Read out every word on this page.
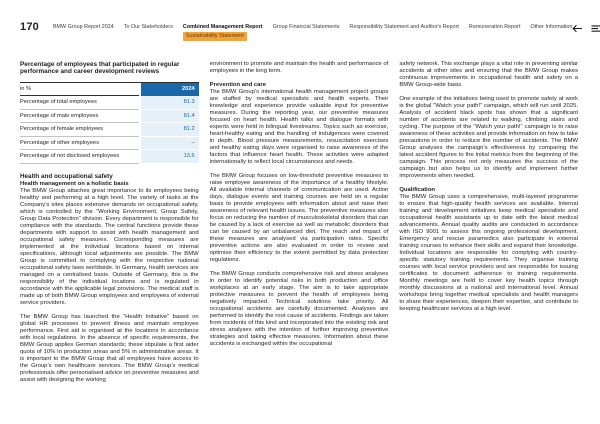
170	BMW Group Report 2024 To Our Stakeholders Combined Management Report
Sustainability Statement
Group Financial Statements Responsibility Statement and Auditor's Report Remuneration Report Other Information
Percentage of employees that participated in regular performance and career development reviews
in %	2024
Percentage of total employees	81.3
Percentage of male employees	81.4
Percentage of female employees	81.2
Percentage of other employees	–
Percentage of not disclosed employees	13.6
Health and occupational safety
Health management on a holistic basis

The BMW Group attaches great importance to its employees being healthy and performing at a high level. The variety of tasks at the Company’s sites places extensive demands on occupational safety, which is controlled by the “Working Environment, Group Safety, Group Data Protection” division. Every department is responsible for compliance with the standards. The central functions provide these departments with support to assist with health management and occupational safety measures. Corresponding measures are implemented at the individual locations based on internal specifications, although local adjustments are possible. The BMW Group is committed to complying with the respective national occupational safety laws worldwide. In Germany, health services are managed on a centralised basis. Outside of Germany, this is the responsibility of the individual locations and is regulated in accordance with the applicable legal provisions. The medical staff is made up of both BMW Group employees and employees of external service providers.

The BMW Group has launched the “Health Initiative” based on global HR processes to prevent illness and maintain employee performance. First aid is organised at the locations in accordance with local regulations. In the absence of specific requirements, the BMW Group applies German standards; these stipulate a first aider quota of 10% in production areas and 5% in administrative areas. It is important to the BMW Group that all employees have access to the Group’s own healthcare services. The BMW Group’s medical professionals offer personalised advice on preventive measures and assist with designing the working

environment to promote and maintain the health and performance of employees in the long term.

Prevention and care

The BMW Group’s international health management project groups are staffed by medical specialists and health experts. Their knowledge and experience provide valuable input for preventive measures. During the reporting year, our preventive measures focused on heart health. Health talks and dialogue formats with experts were held in bilingual livestreams. Topics such as exercise, heart-healthy eating and the handling of indulgences were covered in depth. Blood pressure measurements, resuscitation exercises and healthy eating days were organised to raise awareness of the factors that influence heart health. These activities were adapted internationally to reflect local circumstances and needs.

The BMW Group focuses on low-threshold preventive measures to raise employee awareness of the importance of a healthy lifestyle. All available internal channels of communication are used. Action days, dialogue events and training courses are held on a regular basis to provide employees with information about and raise their awareness of relevant health issues. The preventive measures also focus on reducing the number of musculoskeletal disorders that can be caused by a lack of exercise as well as metabolic disorders that can be caused by an unbalanced diet. The reach and impact of these measures are analysed via participation rates. Specific preventive actions are also evaluated in order to review and optimise their efficiency to the extent permitted by data protection regulations.

The BMW Group conducts comprehensive risk and stress analyses in order to identify potential risks in both production and office workplaces at an early stage. The aim is to take appropriate protective measures to prevent the health of employees being negatively impacted. Technical solutions take priority. All occupational accidents are carefully documented. Analyses are performed to identify the root cause of accidents. Findings are taken from incidents of this kind and incorporated into the existing risk and stress analyses with the intention of further improving preventive strategies and taking effective measures. Information about these accidents is exchanged within the occupational

safety network. This exchange plays a vital role in preventing similar accidents at other sites and ensuring that the BMW Group makes continuous improvements in occupational health and safety on a BMW Group-wide basis.

One example of the initiatives being used to promote safety at work is the global “Watch your path!” campaign, which will run until 2025. Analysis of accident black spots has shown that a significant number of accidents are related to walking, climbing stairs and cycling. The purpose of the “Watch your path!” campaign is to raise awareness of these activities and provide information on how to take precautions in order to reduce the number of accidents. The BMW Group analyses the campaign’s effectiveness by comparing the latest accident figures to the initial metrics from the beginning of the campaign. This process not only measures the success of the campaign but also helps us to identify and implement further improvements when needed.

Qualification

The BMW Group uses a comprehensive, multi-layered programme to ensure that high-quality health services are available. Internal training and development initiatives keep medical specialists and occupational health assistants up to date with the latest medical advancements. Annual quality audits are conducted in accordance with ISO 9001 to assess this ongoing professional development. Emergency and rescue paramedics also participate in external training courses to enhance their skills and expand their knowledge. Individual locations are responsible for complying with country-specific statutory training requirements. They organise training courses with local service providers and are responsible for issuing certificates to document adherence to training requirements. Monthly meetings are held to cover key health topics through monthly discussions at a national and international level. Annual workshops bring together medical specialists and health managers to share their experiences, deepen their expertise, and contribute to keeping healthcare services at a high level.
